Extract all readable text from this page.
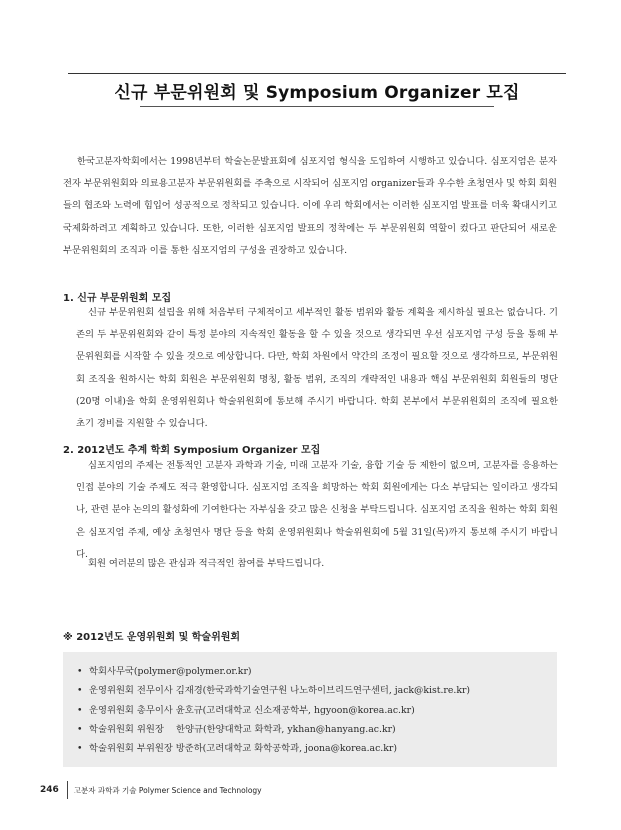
신규 부문위원회 및 Symposium Organizer 모집

한국고분자학회에서는 1998년부터 학술논문발표회에 심포지엄 형식을 도입하여 시행하고 있습니다. 심포지엄은 분자전자 부문위원회와 의료용고분자 부문위원회를 주축으로 시작되어 심포지엄 organizer들과 우수한 초청연사 및 학회 회원들의 협조와 노력에 힘입어 성공적으로 정착되고 있습니다. 이에 우리 학회에서는 이러한 심포지엄 발표를 더욱 확대시키고 국제화하려고 계획하고 있습니다. 또한, 이러한 심포지엄 발표의 정착에는 두 부문위원회 역할이 컸다고 판단되어 새로운 부문위원회의 조직과 이를 통한 심포지엄의 구성을 권장하고 있습니다.

1. 신규 부문위원회 모집

신규 부문위원회 설립을 위해 처음부터 구체적이고 세부적인 활동 범위와 활동 계획을 제시하실 필요는 없습니다. 기존의 두 부문위원회와 같이 특정 분야의 지속적인 활동을 할 수 있을 것으로 생각되면 우선 심포지엄 구성 등을 통해 부문위원회를 시작할 수 있을 것으로 예상합니다. 다만, 학회 차원에서 약간의 조정이 필요할 것으로 생각하므로, 부문위원회 조직을 원하시는 학회 회원은 부문위원회 명칭, 활동 범위, 조직의 개략적인 내용과 핵심 부문위원회 회원들의 명단(20명 이내)을 학회 운영위원회나 학술위원회에 통보해 주시기 바랍니다. 학회 본부에서 부문위원회의 조직에 필요한 초기 경비를 지원할 수 있습니다.

2. 2012년도 추계 학회 Symposium Organizer 모집

심포지엄의 주제는 전통적인 고분자 과학과 기술, 미래 고분자 기술, 융합 기술 등 제한이 없으며, 고분자를 응용하는 인접 분야의 기술 주제도 적극 환영합니다. 심포지엄 조직을 희망하는 학회 회원에게는 다소 부담되는 일이라고 생각되나, 관련 분야 논의의 활성화에 기여한다는 자부심을 갖고 많은 신청을 부탁드립니다. 심포지엄 조직을 원하는 학회 회원은 심포지엄 주제, 예상 초청연사 명단 등을 학회 운영위원회나 학술위원회에 5월 31일(목)까지 통보해 주시기 바랍니다.

회원 여러분의 많은 관심과 적극적인 참여를 부탁드립니다.

※ 2012년도 운영위원회 및 학술위원회
• 학회사무국(polymer@polymer.or.kr)
• 운영위원회 전무이사 김재경(한국과학기술연구원 나노하이브리드연구센터, jack@kist.re.kr)
• 운영위원회 총무이사 윤호규(고려대학교 신소재공학부, hgyoon@korea.ac.kr)
• 학술위원회 위원장 　한양규(한양대학교 화학과, ykhan@hanyang.ac.kr)
• 학술위원회 부위원장 방준하(고려대학교 화학공학과, joona@korea.ac.kr)
246 고분자 과학과 기술 Polymer Science and Technology
